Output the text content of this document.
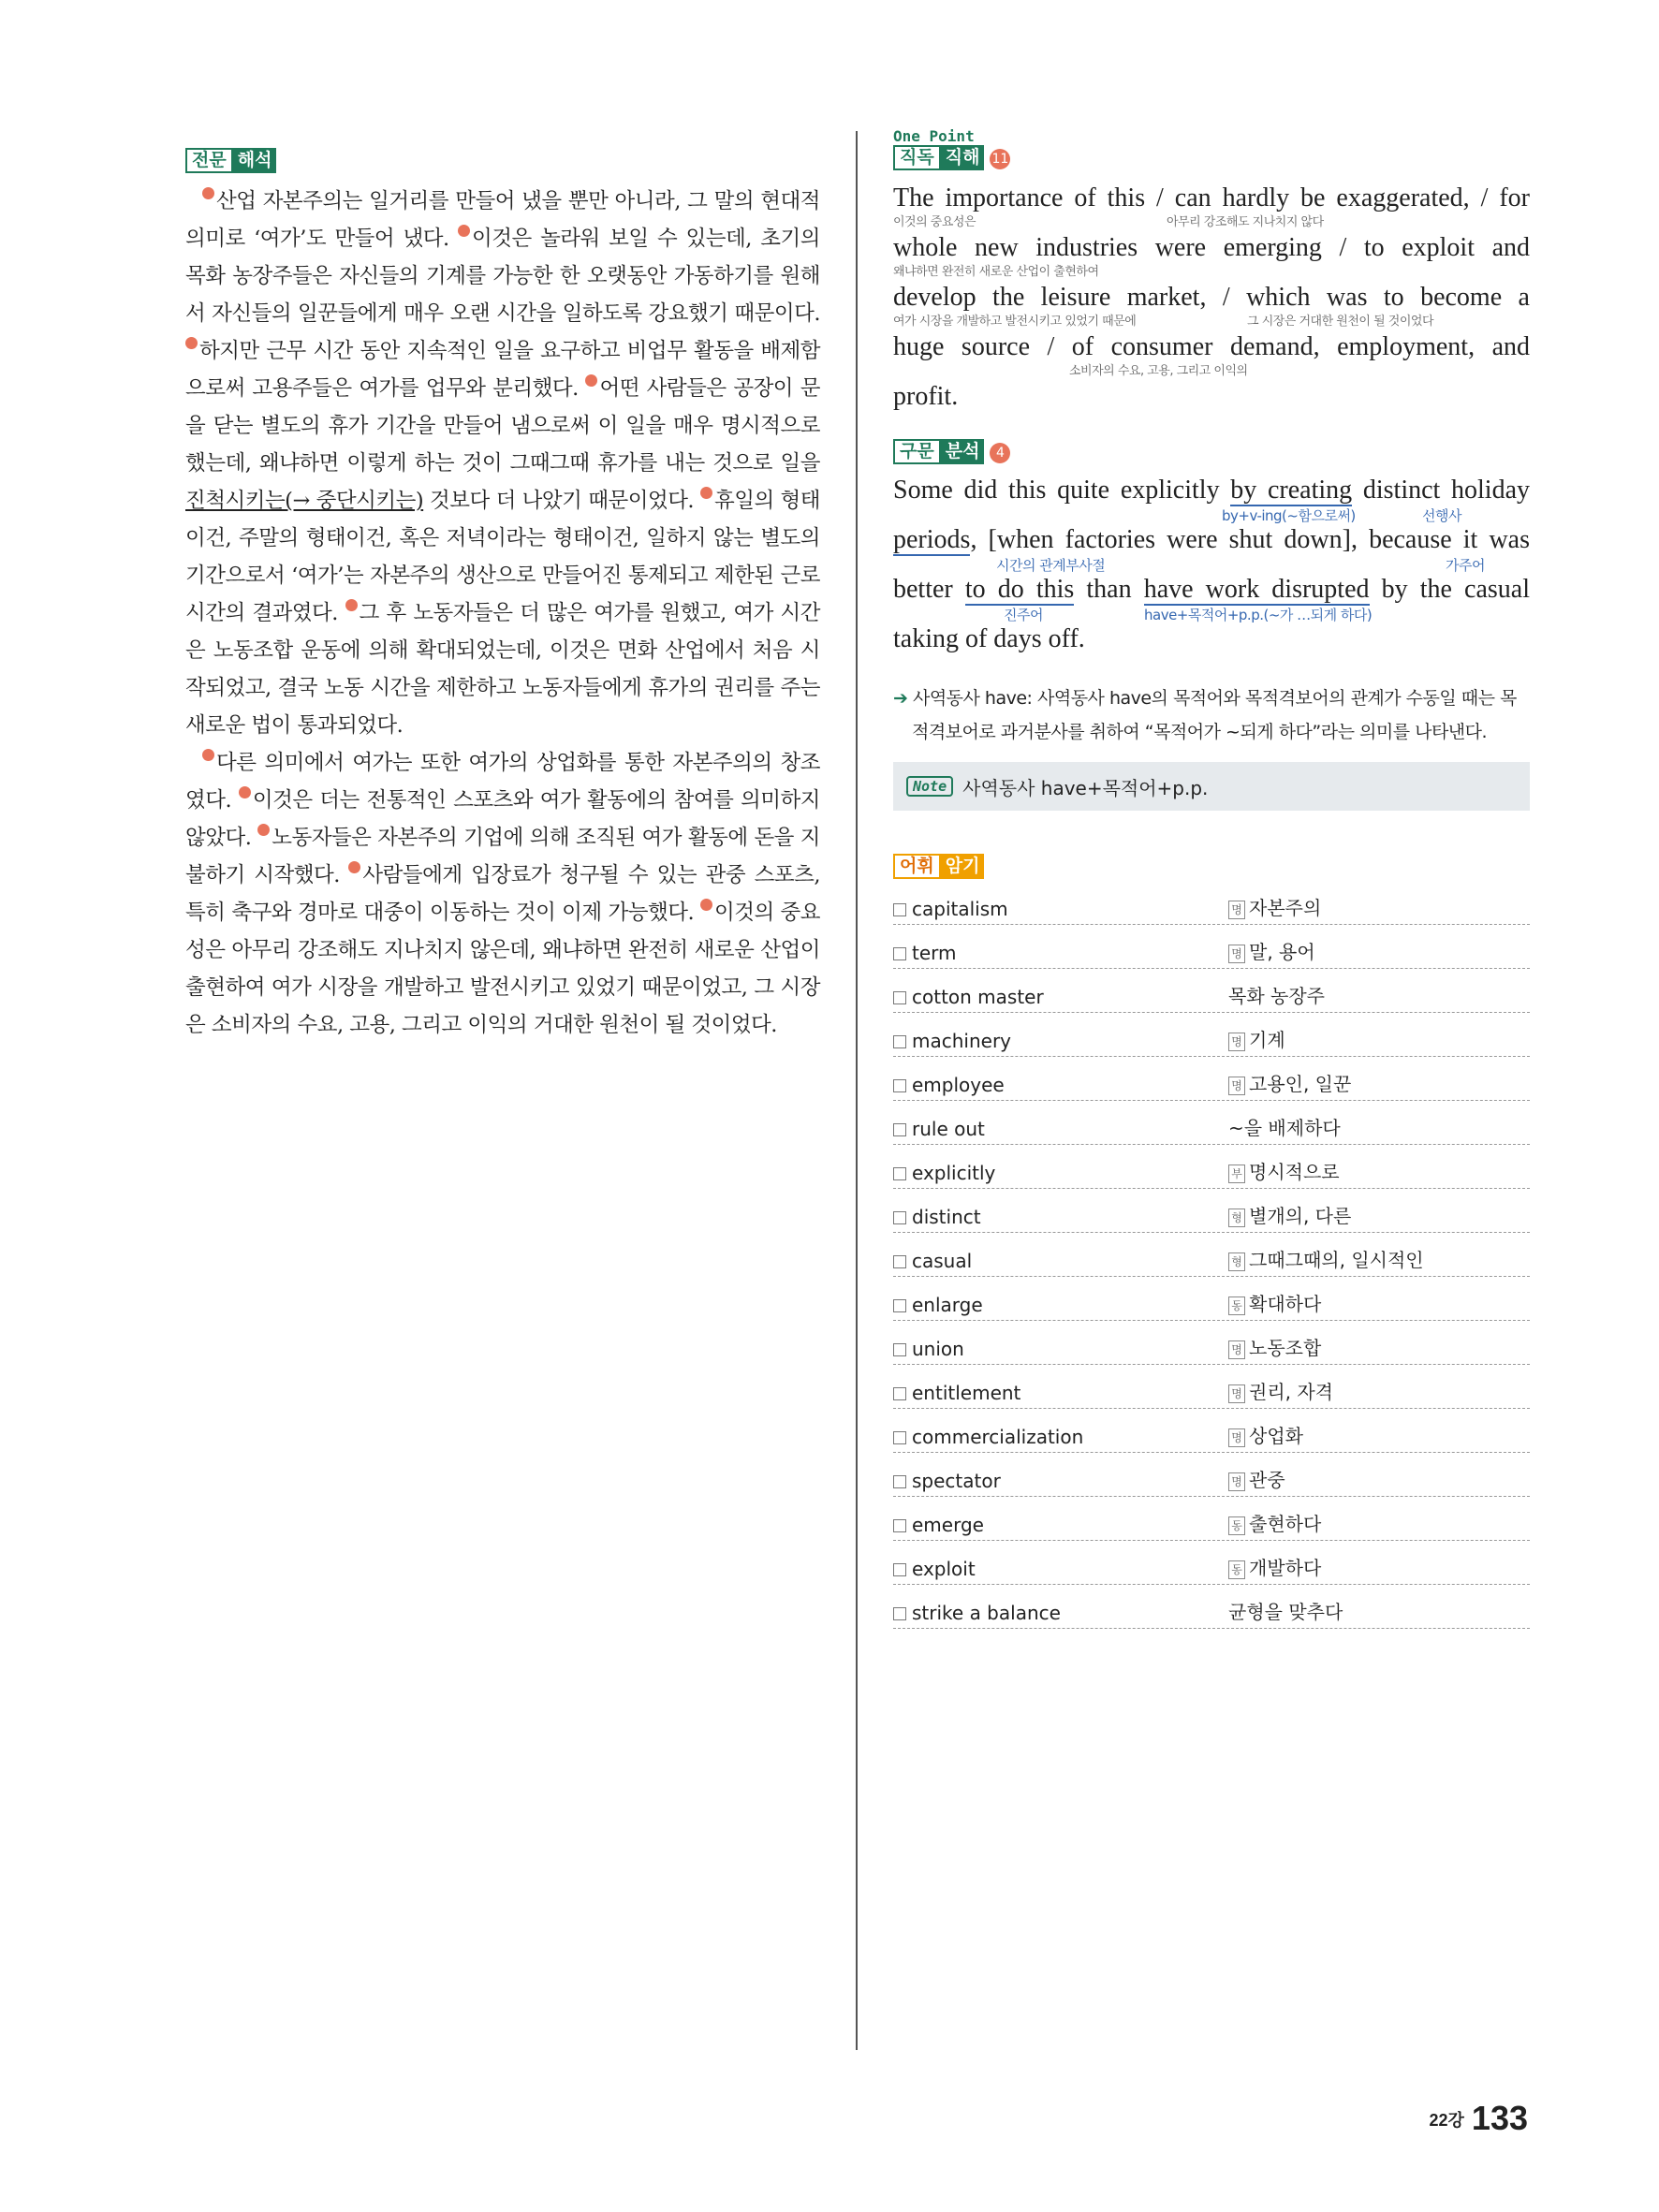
전문 해석

산업 자본주의는 일거리를 만들어 냈을 뿐만 아니라, 그 말의 현대적 의미로 ‘여가’도 만들어 냈다. 이것은 놀라워 보일 수 있는데, 초기의 목화 농장주들은 자신들의 기계를 가능한 한 오랫동안 가동하기를 원해서 자신들의 일꾼들에게 매우 오랜 시간을 일하도록 강요했기 때문이다. 하지만 근무 시간 동안 지속적인 일을 요구하고 비업무 활동을 배제함으로써 고용주들은 여가를 업무와 분리했다. 어떤 사람들은 공장이 문을 닫는 별도의 휴가 기간을 만들어 냄으로써 이 일을 매우 명시적으로 했는데, 왜냐하면 이렇게 하는 것이 그때그때 휴가를 내는 것으로 일을 진척시키는(→ 중단시키는) 것보다 더 나았기 때문이었다. 휴일의 형태이건, 주말의 형태이건, 혹은 저녁이라는 형태이건, 일하지 않는 별도의 기간으로서 ‘여가’는 자본주의 생산으로 만들어진 통제되고 제한된 근로 시간의 결과였다. 그 후 노동자들은 더 많은 여가를 원했고, 여가 시간은 노동조합 운동에 의해 확대되었는데, 이것은 면화 산업에서 처음 시작되었고, 결국 노동 시간을 제한하고 노동자들에게 휴가의 권리를 주는 새로운 법이 통과되었다.

다른 의미에서 여가는 또한 여가의 상업화를 통한 자본주의의 창조였다. 이것은 더는 전통적인 스포츠와 여가 활동에의 참여를 의미하지 않았다. 노동자들은 자본주의 기업에 의해 조직된 여가 활동에 돈을 지불하기 시작했다. 사람들에게 입장료가 청구될 수 있는 관중 스포츠, 특히 축구와 경마로 대중이 이동하는 것이 이제 가능했다. 이것의 중요성은 아무리 강조해도 지나치지 않은데, 왜냐하면 완전히 새로운 산업이 출현하여 여가 시장을 개발하고 발전시키고 있었기 때문이었고, 그 시장은 소비자의 수요, 고용, 그리고 이익의 거대한 원천이 될 것이었다.

One Point
직독 직해 11
The importance of this / can hardly be exaggerated, / for
이것의 중요성은	아무리 강조해도 지나치지 않다
whole new industries were emerging / to exploit and
왜냐하면 완전히 새로운 산업이 출현하여
develop the leisure market, / which was to become a
여가 시장을 개발하고 발전시키고 있었기 때문에	그 시장은 거대한 원천이 될 것이었다
huge source / of consumer demand, employment, and
소비자의 수요, 고용, 그리고 이익의
profit.
구문 분석	4
Some did this quite explicitly by creating distinct holiday
by+v-ing(~함으로써)	선행사
periods, [when factories were shut down], because it was
시간의 관계부사절	가주어
better to do this than have work disrupted by the casual
진주어	have+목적어+p.p.(~가 …되게 하다)
taking of days off.
➔ 사역동사 have: 사역동사 have의 목적어와 목적격보어의 관계가 수동일 때는 목적격보어로 과거분사를 취하여 “목적어가 ~되게 하다”라는 의미를 나타낸다.
Note 사역동사 have+목적어+p.p.
어휘 암기
capitalism	명 자본주의
term	명 말, 용어
cotton master	목화 농장주
machinery	명 기계
employee	명 고용인, 일꾼
rule out	~을 배제하다
explicitly	부 명시적으로
distinct	형 별개의, 다른
casual	형 그때그때의, 일시적인
enlarge	동 확대하다
union	명 노동조합
entitlement	명 권리, 자격
commercialization	명 상업화
spectator	명 관중
emerge	동 출현하다
exploit	동 개발하다
strike a balance	균형을 맞추다
22강 133
